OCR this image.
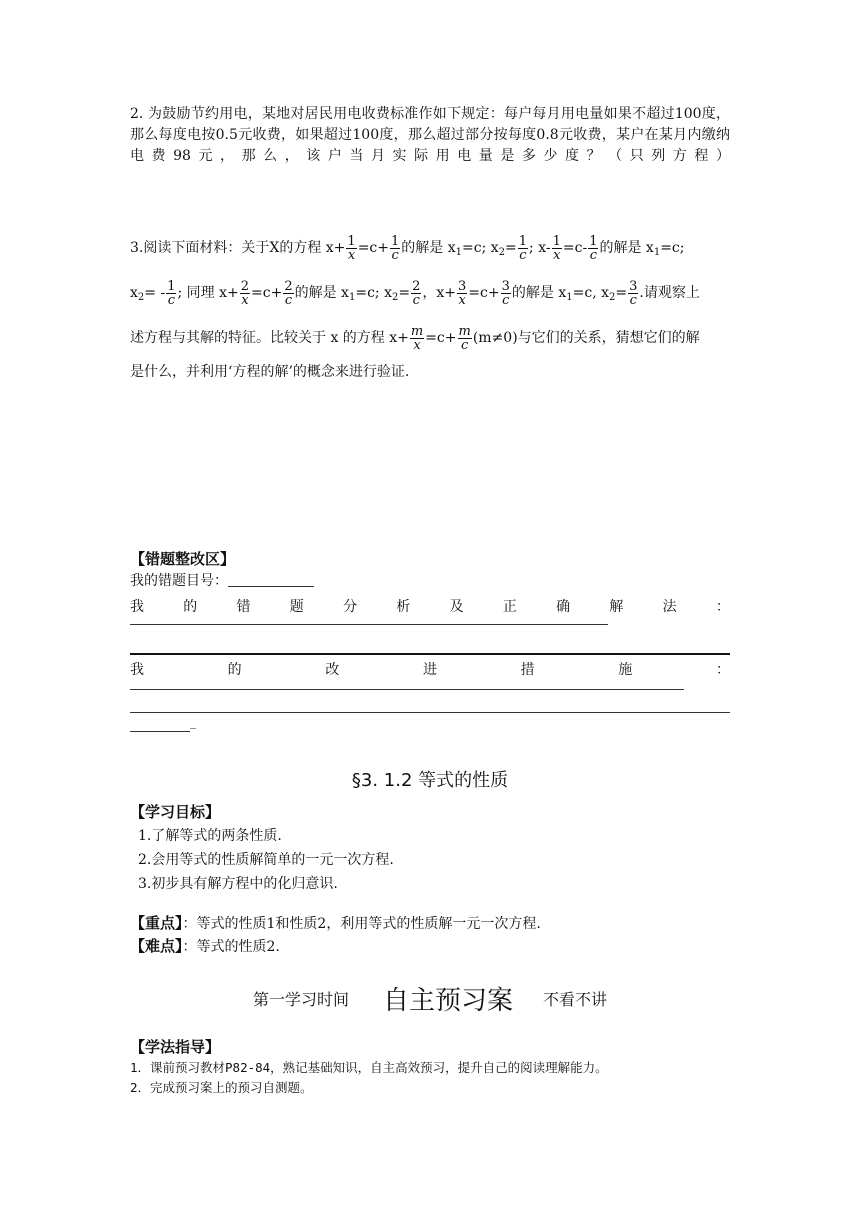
2. 为鼓励节约用电，某地对居民用电收费标准作如下规定：每户每月用电量如果不超过100度，那么每度电按0.5元收费，如果超过100度，那么超过部分按每度0.8元收费，某户在某月内缴纳电费98元，那么，该户当月实际用电量是多少度？（只列方程）
3.阅读下面材料：关于X的方程 $x+ \frac{1}{x} =c+ \frac{1}{c}$ 的解是 $x_1=c$; $x_2= \frac{1}{c}$ ; $x- \frac{1}{x} =c- \frac{1}{c}$ 的解是 $x_1=c$;
$x_2= - \frac{1}{c}$ ; 同理 $x+ \frac{2}{x} =c+ \frac{2}{c}$ 的解是 $x_1=c$; $x_2= \frac{2}{c}$ ，$x+ \frac{3}{x} =c+ \frac{3}{c}$ 的解是 $x_1=c$, $x_2= \frac{3}{c}$ .请观察上
述方程与其解的特征。比较关于 x 的方程 $x+ \frac{m}{x} =c+ \frac{m}{c} (m\ne 0)$与它们的关系，猜想它们的解
是什么，并利用‘方程的解’的概念来进行验证.
【错题整改区】
我的错题目号：
我	的	错	题	分	析	及	正	确	解	法	：
我	的	改	进	措	施	：
_
§3. 1.2 等式的性质
【学习目标】
1.了解等式的两条性质.
2.会用等式的性质解简单的一元一次方程.
3.初步具有解方程中的化归意识.
【重点】：等式的性质1和性质2，利用等式的性质解一元一次方程.
【难点】：等式的性质2.
第一学习时间 自主预习案 不看不讲
【学法指导】
1．课前预习教材P82-84，熟记基础知识，自主高效预习，提升自己的阅读理解能力。
2．完成预习案上的预习自测题。
